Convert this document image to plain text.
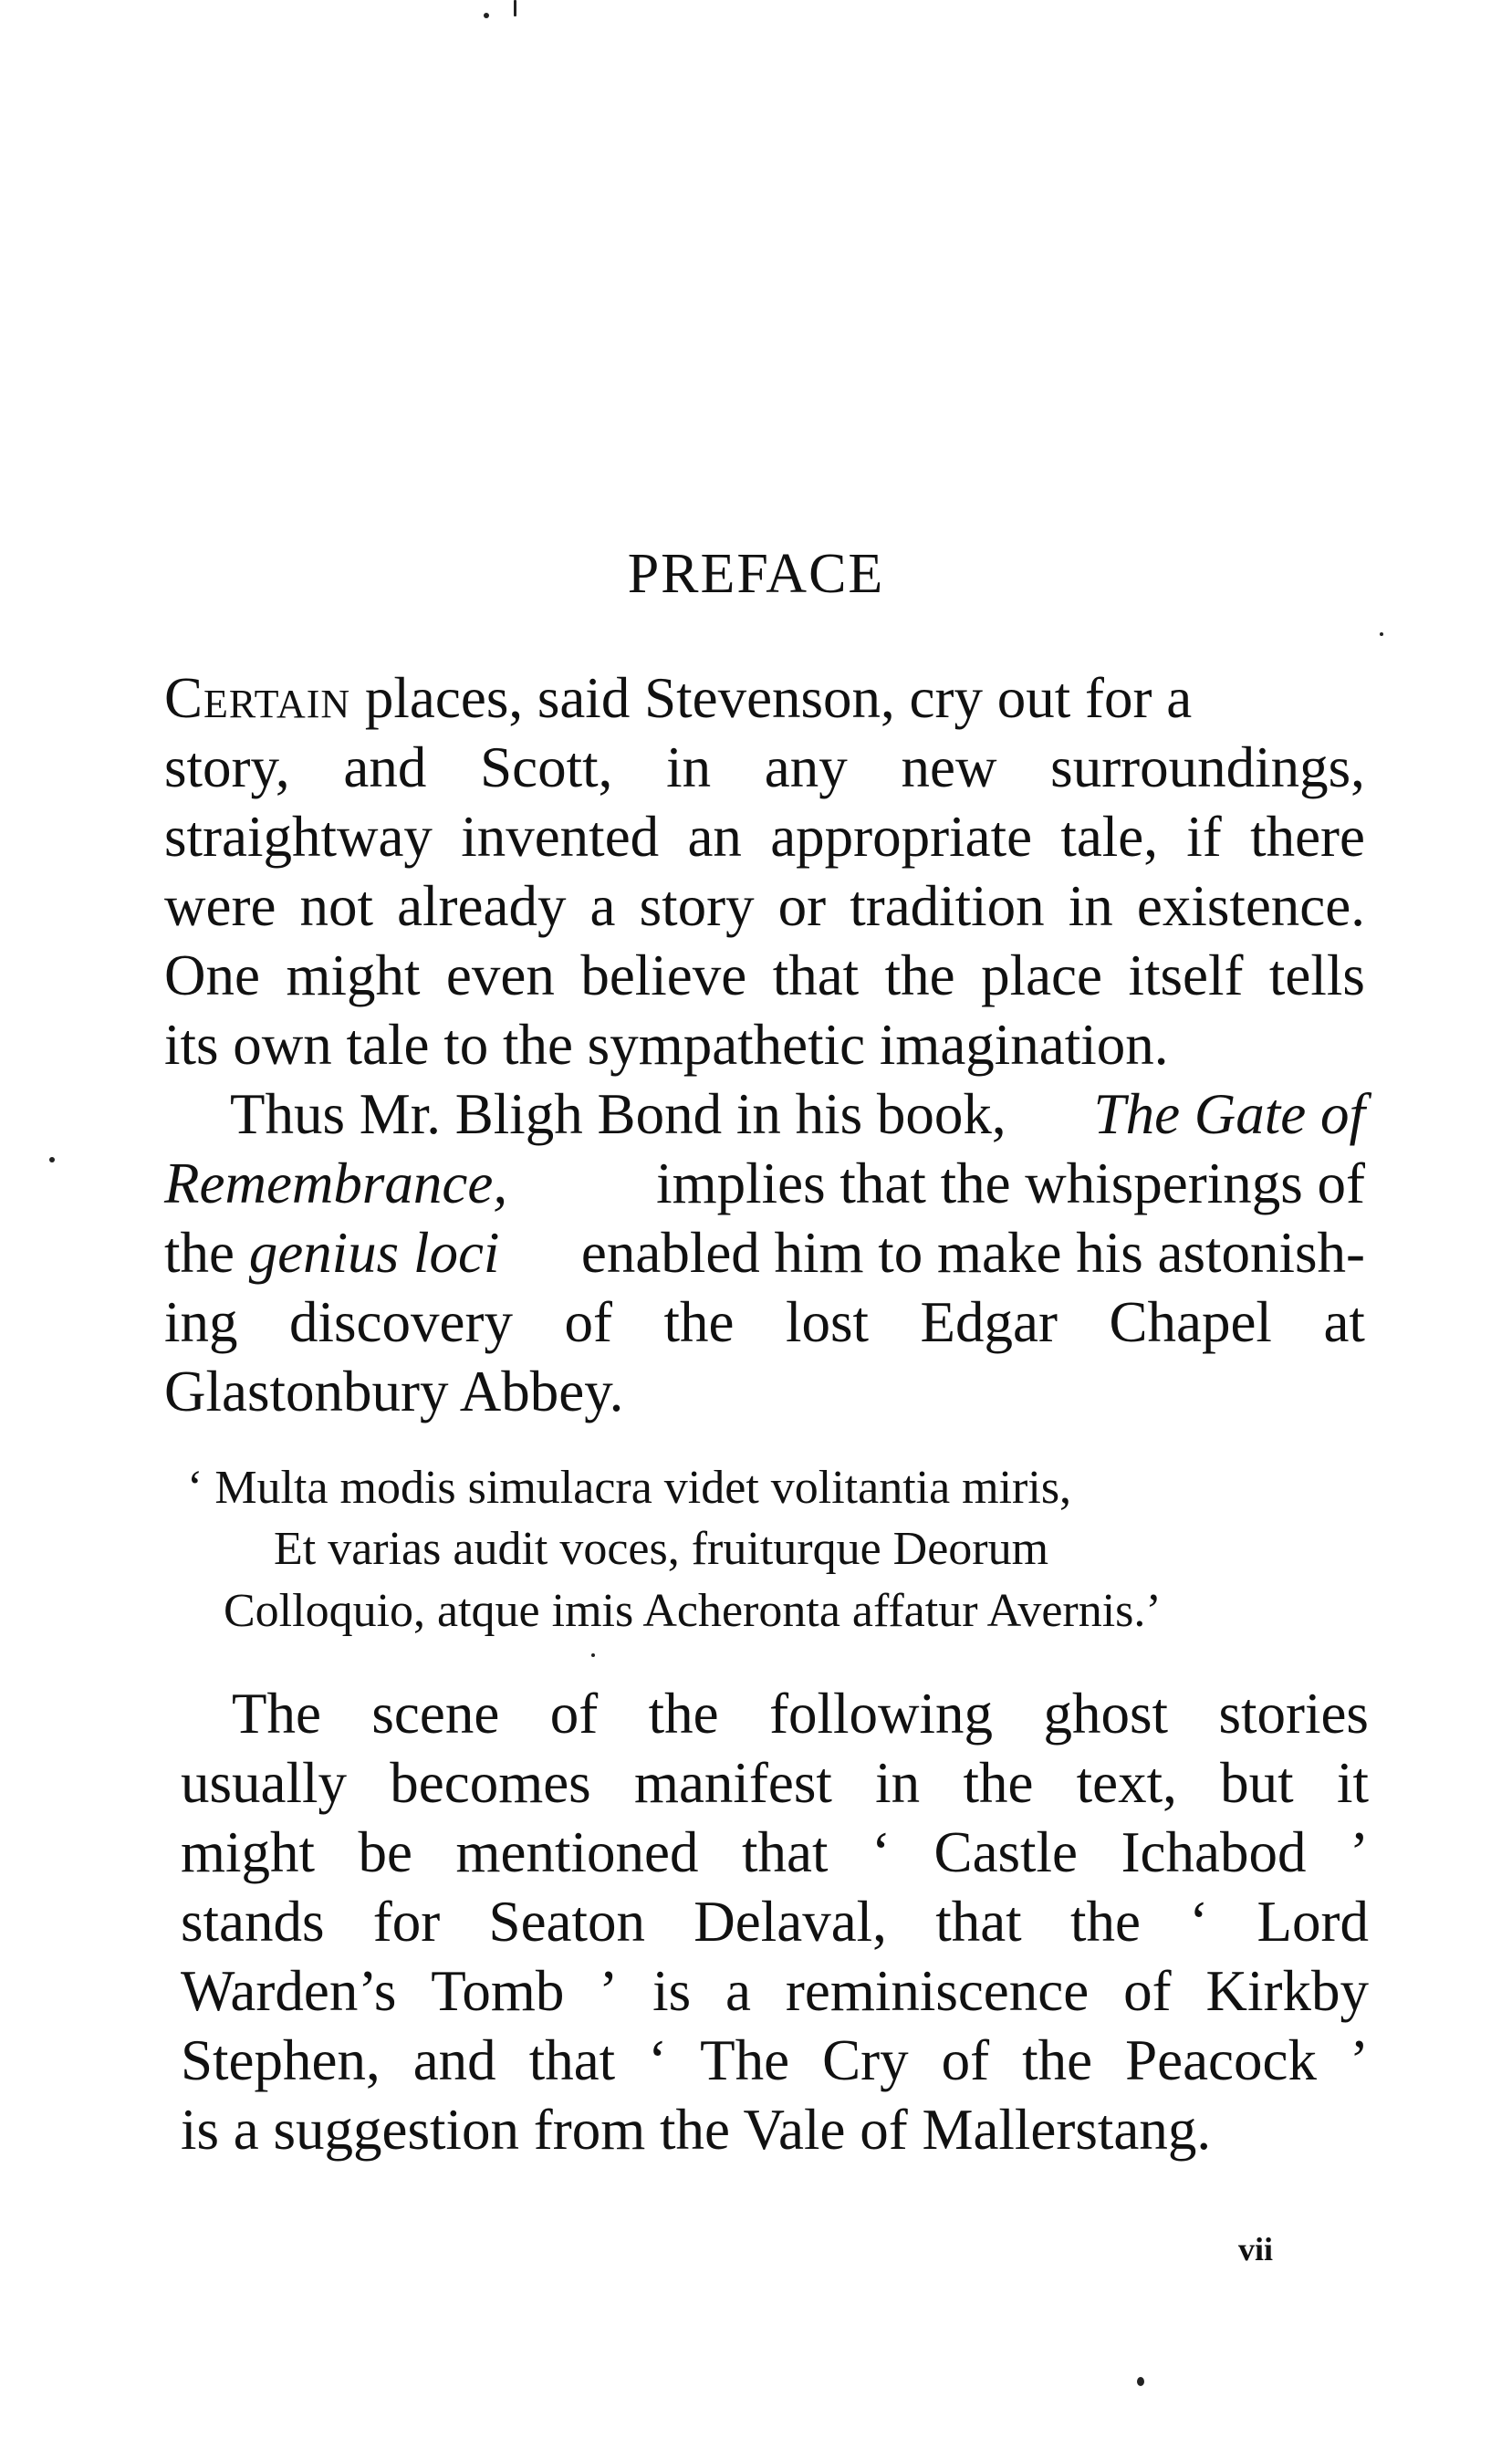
PREFACE
Certain places, said Stevenson, cry out for a
story, and Scott, in any new surroundings,
straightway invented an appropriate tale, if there
were not already a story or tradition in existence.
One might even believe that the place itself tells
its own tale to the sympathetic imagination.
Thus Mr. Bligh Bond in his book, The Gate of
Remembrance,	implies that the whisperings of
the genius loci enabled him to make his astonish-
ing discovery of the lost Edgar Chapel at
Glastonbury Abbey.
‘ Multa modis simulacra videt volitantia miris,
Et varias audit voces, fruiturque Deorum
Colloquio, atque imis Acheronta affatur Avernis.’
The scene of the following ghost stories
usually becomes manifest in the text, but it
might be mentioned that ‘ Castle Ichabod ’
stands for Seaton Delaval, that the ‘ Lord
Warden’s Tomb ’ is a reminiscence of Kirkby
Stephen, and that ‘ The Cry of the Peacock ’
is a suggestion from the Vale of Mallerstang.
vii
